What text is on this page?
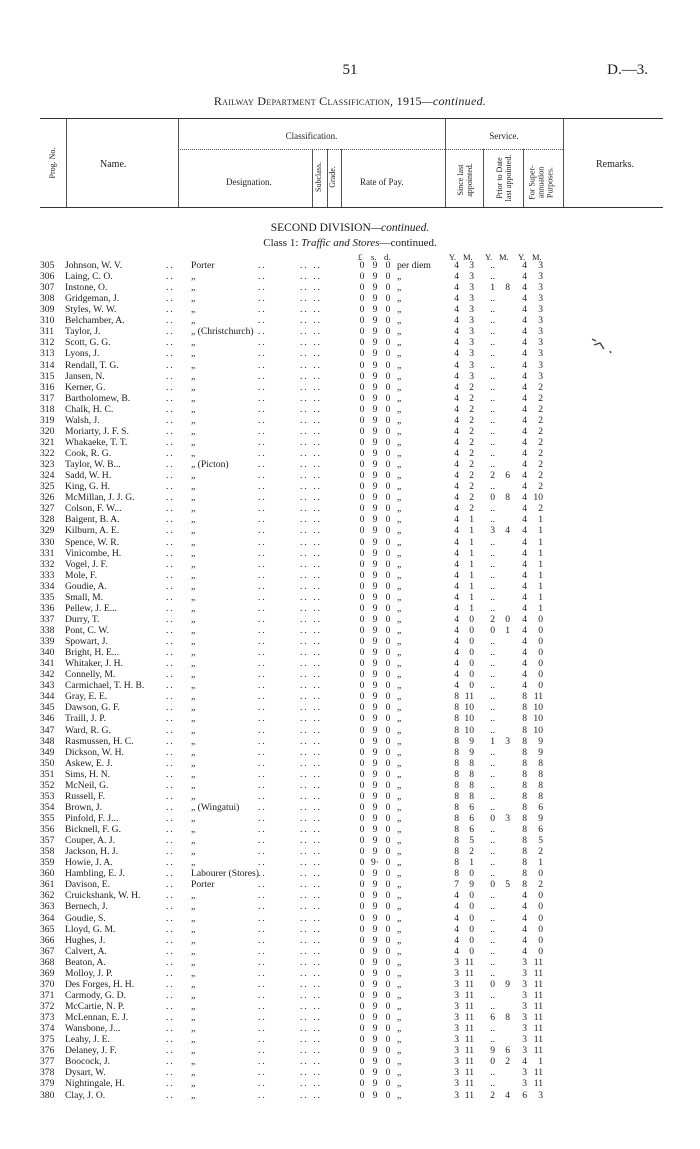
51	D.—3.
Railway Department Classification, 1915—continued.
Prog. No.	Name.
Classification.
Designation.	Subclass. Grade.	Rate of Pay.
Service.
Since last appointed.	Prior to Date last appointed. For Super-annuation Purposes.
Remarks.
SECOND DIVISION—continued.
Class 1: Traffic and Stores—continued.
£ s. d.	Y. M. Y. M. Y. M.
..	..	.. ..
305	Johnson, W. V.	Porter	0 9 0 per diem	4	3	..	4	3
..	..	.. ..
306	Laing, C. O.	„	0 9 0 „	4	3	..	4	3
..	..	.. ..
307	Instone, O.	„	0 9 0 „	4	3	1	8	4	3
..	..	.. ..
308	Gridgeman, J.	„	0 9 0 „	4	3	..	4	3
..	..	.. ..
309	Styles, W. W.	„	0 9 0 „	4	3	..	4	3
..	..	.. ..
310	Belchamber, A.	„	0 9 0 „	4	3	..	4	3
..	..	.. ..
311	Taylor, J.	„ (Christchurch)	0 9 0 „	4	3	..	4	3
..	..	.. ..
312	Scott, G. G.	„	0 9 0 „	4	3	..	4	3
..	..	.. ..
313	Lyons, J.	„	0 9 0 „	4	3	..	4	3
..	..	.. ..
314	Rendall, T. G.	„	0 9 0 „	4	3	..	4	3
..	..	.. ..
315	Jansen, N.	„	0 9 0 „	4	3	..	4	3
..	..	.. ..
316	Kerner, G.	„	0 9 0 „	4	2	..	4	2
..	..	.. ..
317	Bartholomew, B.	„	0 9 0 „	4	2	..	4	2
..	..	.. ..
318	Chalk, H. C.	„	0 9 0 „	4	2	..	4	2
..	..	.. ..
319	Walsh, J.	„	0 9 0 „	4	2	..	4	2
..	..	.. ..
320	Moriarty, J. F. S.	„	0 9 0 „	4	2	..	4	2
..	..	.. ..
321	Whakaeke, T. T.	„	0 9 0 „	4	2	..	4	2
..	..	.. ..
322	Cook, R. G.	„	0 9 0 „	4	2	..	4	2
..	..	.. ..
323	Taylor, W. B...	„ (Picton)	0 9 0 „	4	2	..	4	2
..	..	.. ..
324	Sadd, W. H.	„	0 9 0 „	4	2	2	6	4	2
..	..	.. ..
325	King, G. H.	„	0 9 0 „	4	2	..	4	2
..	..	.. ..
326	McMillan, J. J. G.	„	0 9 0 „	4	2	0	8	4 10
..	..	.. ..
327	Colson, F. W...	„	0 9 0 „	4	2	..	4	2
..	..	.. ..
328	Baigent, B. A.	„	0 9 0 „	4	1	..	4	1
..	..	.. ..
329	Kilburn, A. E.	„	0 9 0 „	4	1	3	4	4	1
..	..	.. ..
330	Spence, W. R.	„	0 9 0 „	4	1	..	4	1
..	..	.. ..
331	Vinicombe, H.	„	0 9 0 „	4	1	..	4	1
..	..	.. ..
332	Vogel, J. F.	„	0 9 0 „	4	1	..	4	1
..	..	.. ..
333	Mole, F.	„	0 9 0 „	4	1	..	4	1
..	..	.. ..
334	Goudie, A.	„	0 9 0 „	4	1	..	4	1
..	..	.. ..
335	Small, M.	„	0 9 0 „	4	1	..	4	1
..	..	.. ..
336	Pellew, J. E...	„	0 9 0 „	4	1	..	4	1
..	..	.. ..
337	Durry, T.	„	0 9 0 „	4	0	2	0	4	0
..	..	.. ..
338	Pont, C. W.	„	0 9 0 „	4	0	0	1	4	0
..	..	.. ..
339	Spowart, J.	„	0 9 0 „	4	0	..	4	0
..	..	.. ..
340	Bright, H. E...	„	0 9 0 „	4	0	..	4	0
..	..	.. ..
341	Whitaker, J. H.	„	0 9 0 „	4	0	..	4	0
..	..	.. ..
342	Connelly, M.	„	0 9 0 „	4	0	..	4	0
..	..	.. ..
343	Carmichael, T. H. B.	„	0 9 0 „	4	0	..	4	0
..	..	.. ..
344	Gray, E. E.	„	0 9 0 „	8 11	..	8 11
..	..	.. ..
345	Dawson, G. F.	„	0 9 0 „	8 10	..	8 10
..	..	.. ..
346	Traill, J. P.	„	0 9 0 „	8 10	..	8 10
..	..	.. ..
347	Ward, R. G.	„	0 9 0 „	8 10	..	8 10
..	..	.. ..
348	Rasmussen, H. C.	„	0 9 0 „	8	9	1	3	8	9
..	..	.. ..
349	Dickson, W. H.	„	0 9 0 „	8	9	..	8	9
..	..	.. ..
350	Askew, E. J.	„	0 9 0 „	8	8	..	8	8
..	..	.. ..
351	Sims, H. N.	„	0 9 0 „	8	8	..	8	8
..	..	.. ..
352	McNeil, G.	„	0 9 0 „	8	8	..	8	8
..	..	.. ..
353	Russell, F.	„	0 9 0 „	8	8	..	8	8
..	..	.. ..
354	Brown, J.	„ (Wingatui)	0 9 0 „	8	6	..	8	6
..	..	.. ..
355	Pinfold, F. J...	„	0 9 0 „	8	6	0	3	8	9
..	..	.. ..
356	Bicknell, F. G.	„	0 9 0 „	8	6	..	8	6
..	..	.. ..
357	Couper, A. J.	„	0 9 0 „	8	5	..	8	5
..	..	.. ..
358	Jackson, H. J.	„	0 9 0 „	8	2	..	8	2
..	..	.. ..
359	Howie, J. A.	„	0 9· 0 „	8	1	..	8	1
..	..	.. ..
360	Hambling, E. J.	Labourer (Stores)	0 9 0 „	8	0	..	8	0
..	..	.. ..
361	Davison, E.	Porter	0 9 0 „	7	9	0	5	8	2
..	..	.. ..
362	Cruickshank, W. H.	„	0 9 0 „	4	0	..	4	0
..	..	.. ..
363	Bernech, J.	„	0 9 0 „	4	0	..	4	0
..	..	.. ..
364	Goudie, S.	„	0 9 0 „	4	0	..	4	0
..	..	.. ..
365	Lloyd, G. M.	„	0 9 0 „	4	0	..	4	0
..	..	.. ..
366	Hughes, J.	„	0 9 0 „	4	0	..	4	0
..	..	.. ..
367	Calvert, A.	„	0 9 0 „	4	0	..	4	0
..	..	.. ..
368	Beaton, A.	„	0 9 0 „	3 11	..	3 11
..	..	.. ..
369	Molloy, J. P.	„	0 9 0 „	3 11	..	3 11
..	..	.. ..
370	Des Forges, H. H.	„	0 9 0 „	3 11	0	9	3 11
..	..	.. ..
371	Carmody, G. D.	„	0 9 0 „	3 11	..	3 11
..	..	.. ..
372	McCartie, N. P.	„	0 9 0 „	3 11	..	3 11
..	..	.. ..
373	McLennan, E. J.	„	0 9 0 „	3 11	6	8	3 11
..	..	.. ..
374	Wansbone, J...	„	0 9 0 „	3 11	..	3 11
..	..	.. ..
375	Leahy, J. E.	„	0 9 0 „	3 11	..	3 11
..	..	.. ..
376	Delaney, J. F.	„	0 9 0 „	3 11	9	6	3 11
..	..	.. ..
377	Boocock, J.	„	0 9 0 „	3 11	0	2	4	1
..	..	.. ..
378	Dysart, W.	„	0 9 0 „	3 11	..	3 11
..	..	.. ..
379	Nightingale, H.	„	0 9 0 „	3 11	..	3 11
..	..	.. ..
380	Clay, J. O.	„	0 9 0 „	3 11	2	4	6	3
